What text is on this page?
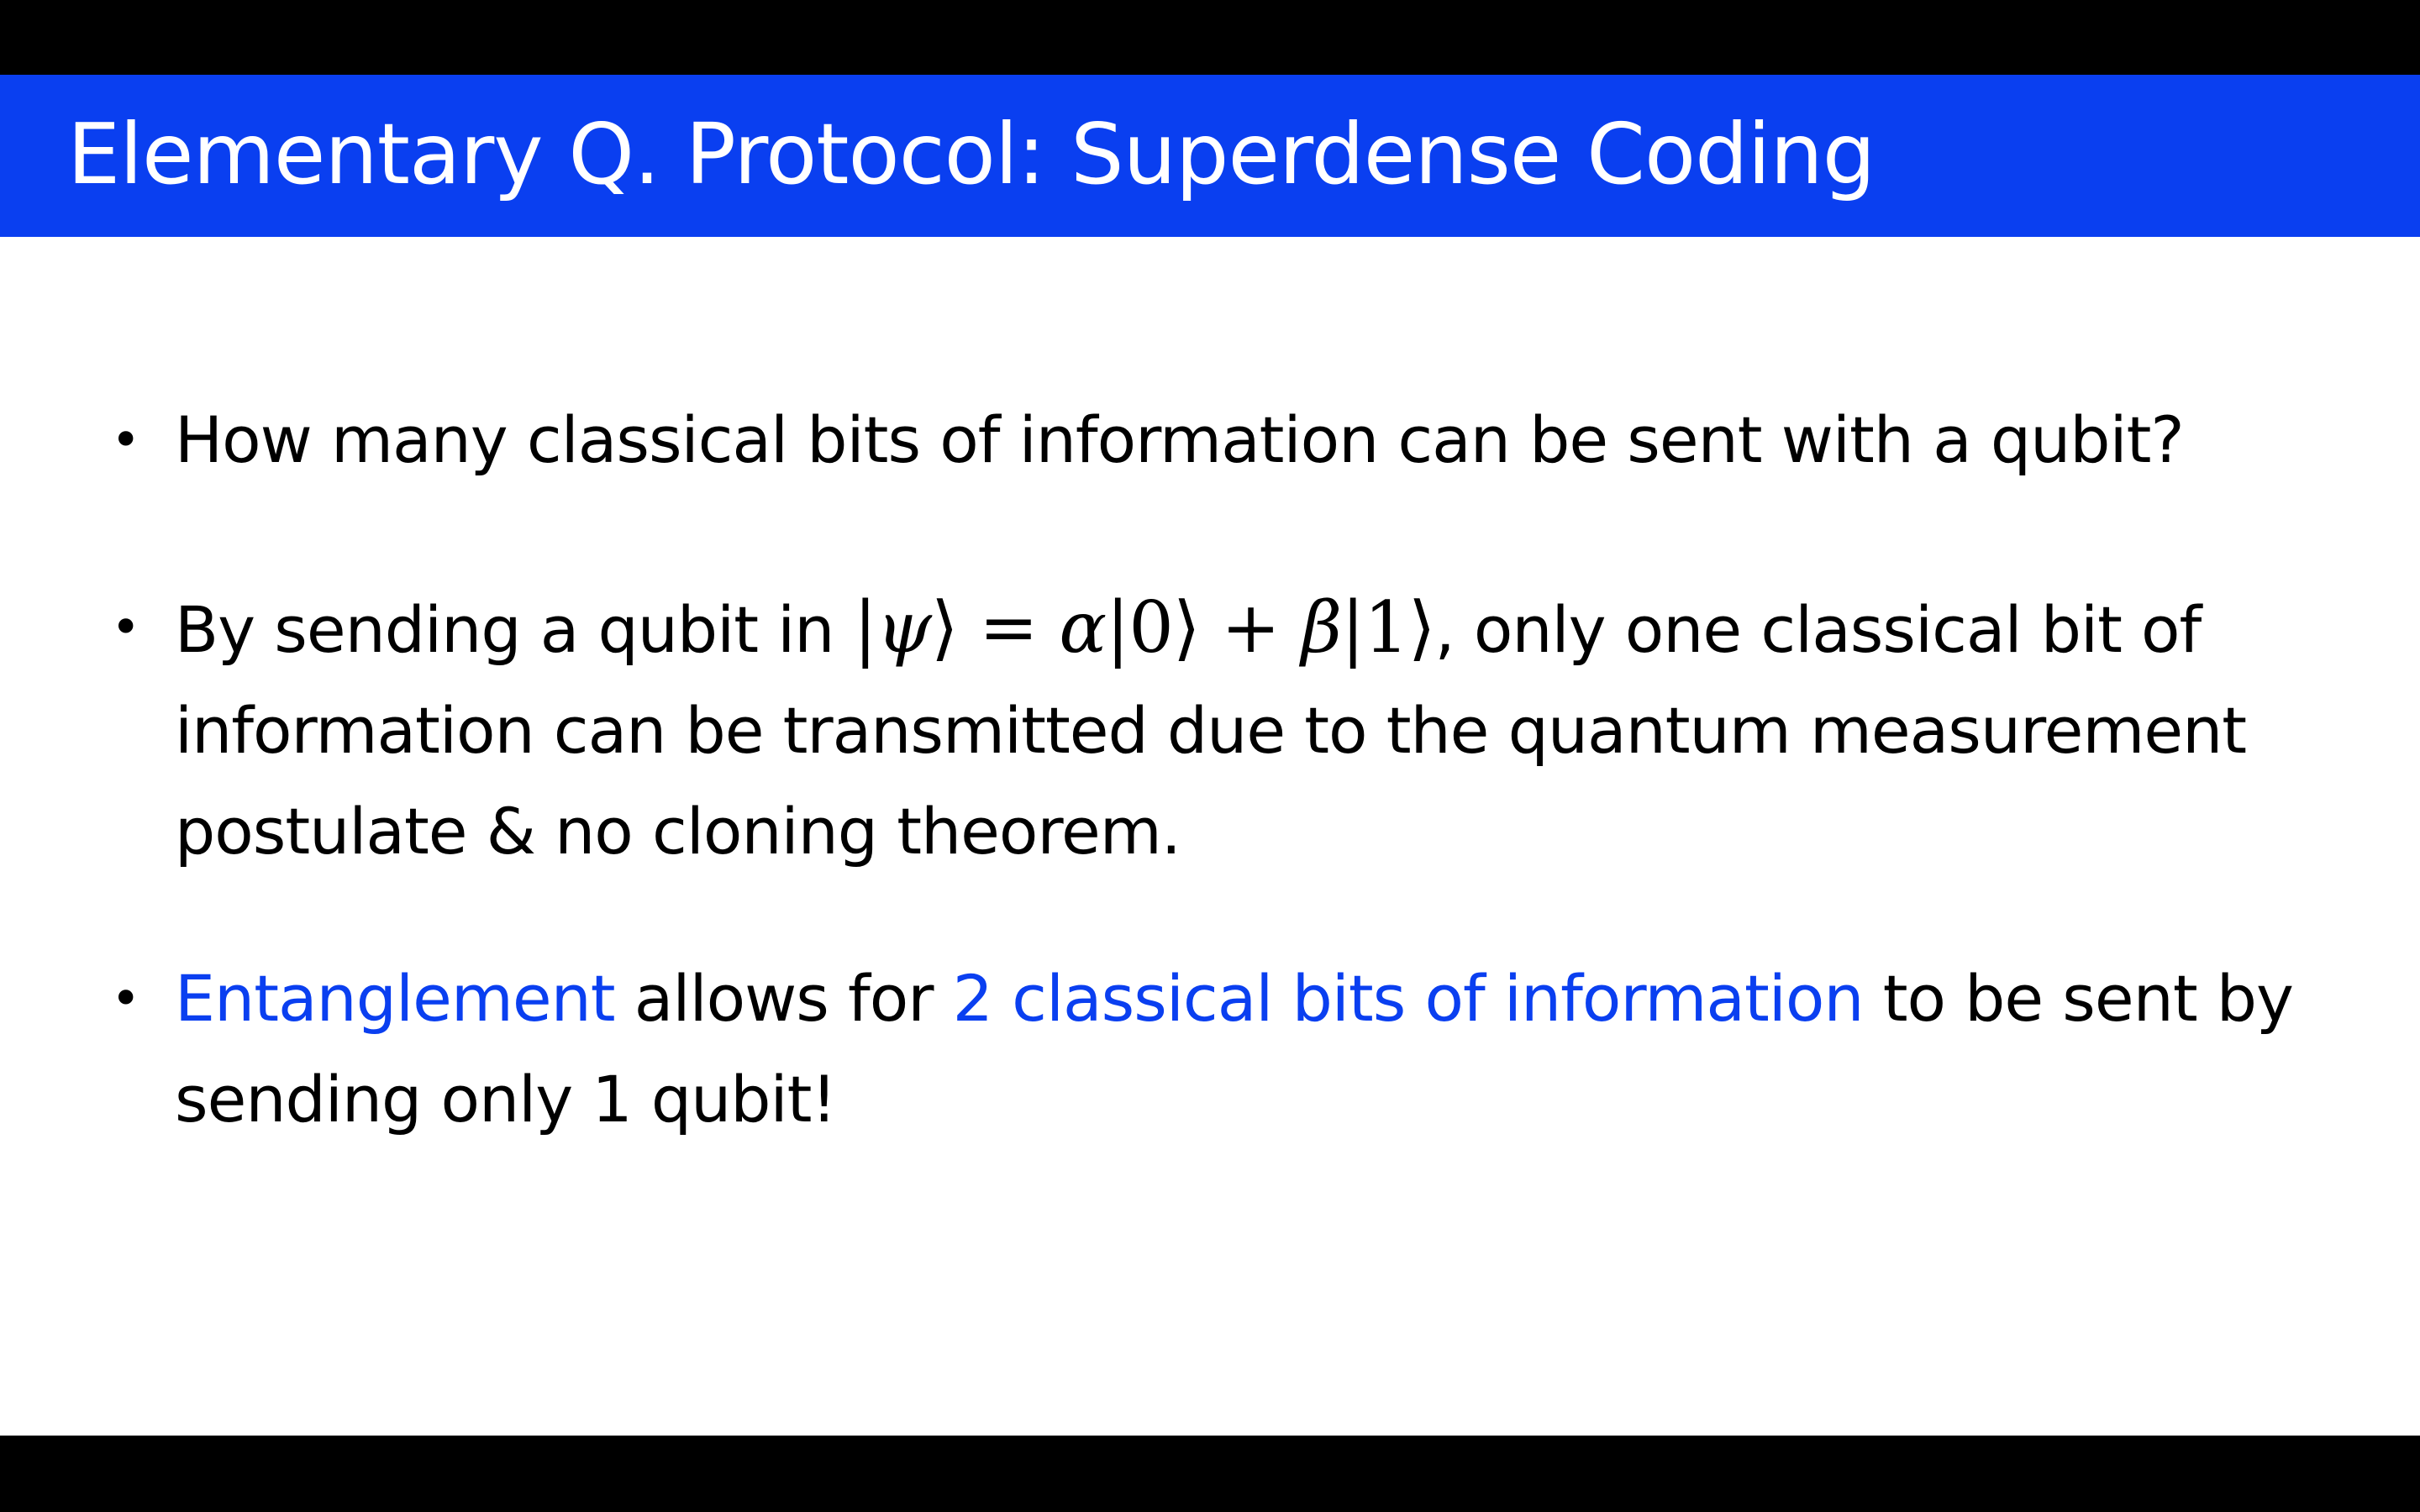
Elementary Q. Protocol: Superdense Coding
• How many classical bits of information can be sent with a qubit?
• By sending a qubit in |ψ⟩ = α|0⟩ + β|1⟩, only one classical bit of
information can be transmitted due to the quantum measurement
postulate & no cloning theorem.
• Entanglement allows for 2 classical bits of information to be sent by
sending only 1 qubit!
